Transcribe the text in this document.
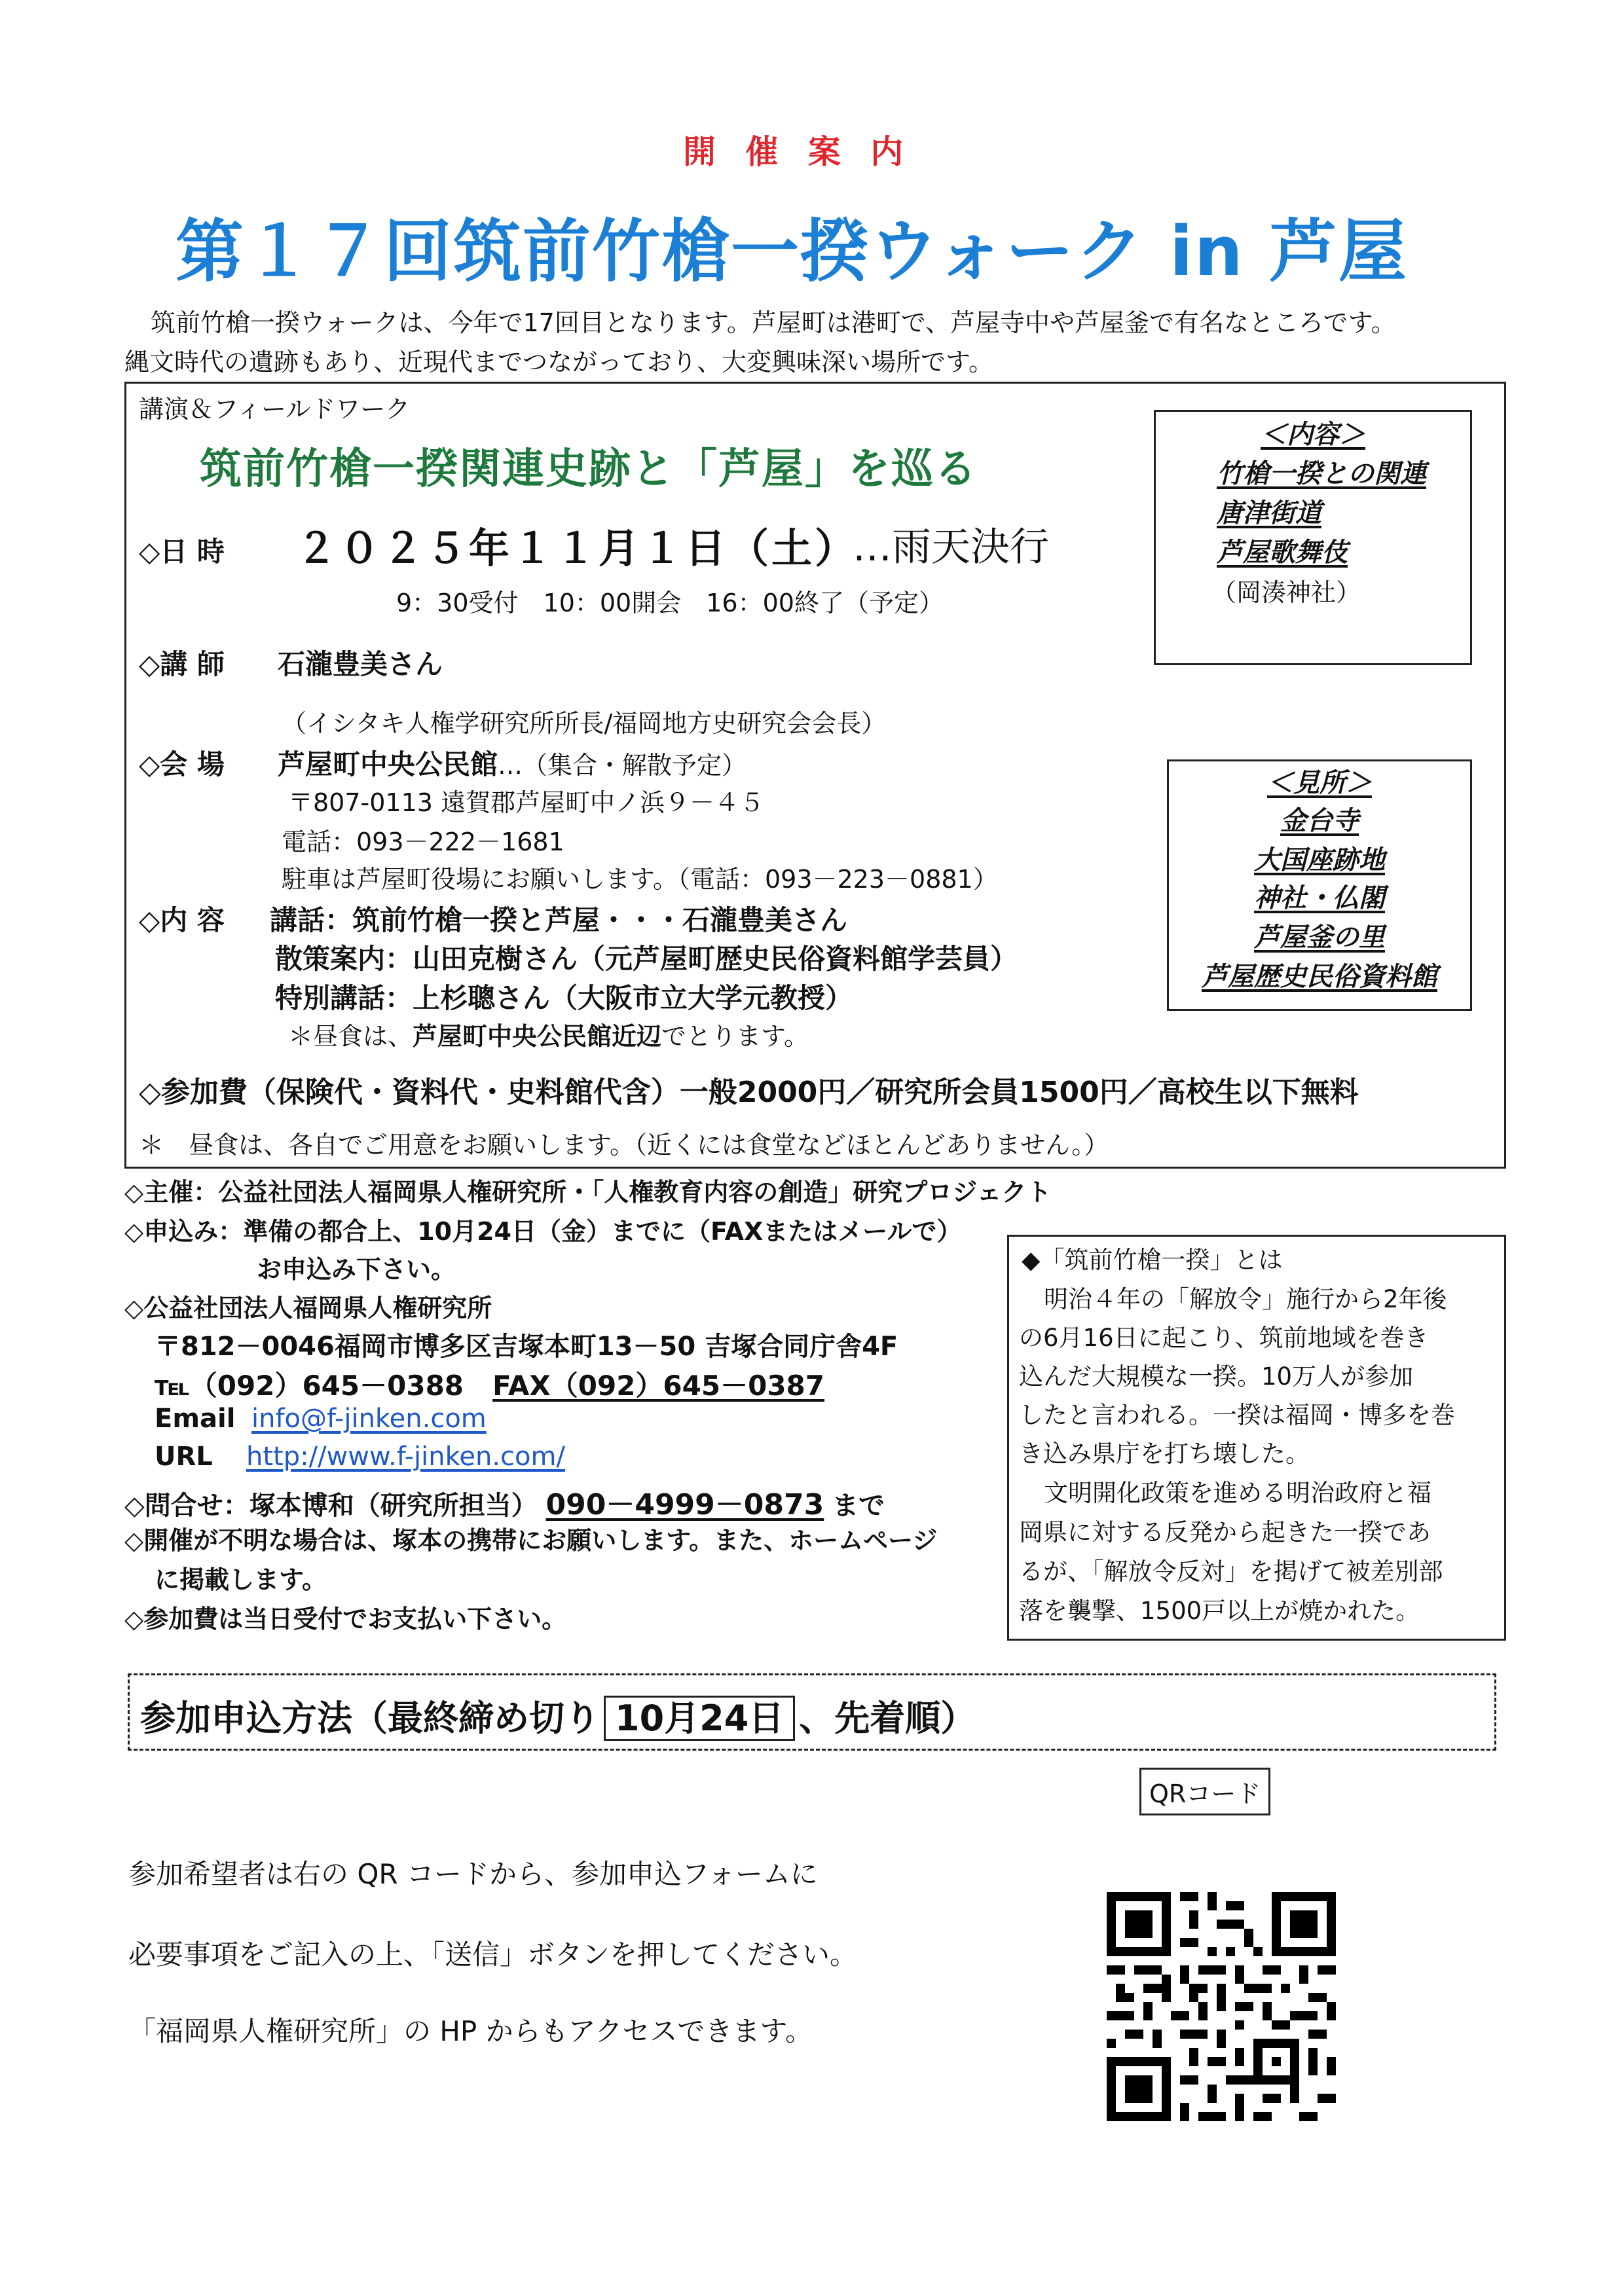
開 催 案 内
第１７回筑前竹槍一揆ウォーク in 芦屋
筑前竹槍一揆ウォークは、今年で17回目となります。芦屋町は港町で、芦屋寺中や芦屋釜で有名なところです。
縄文時代の遺跡もあり、近現代までつながっており、大変興味深い場所です。
講演＆フィールドワーク
筑前竹槍一揆関連史跡と「芦屋」を巡る
◇日 時 ２０２５年１１月１日（土）
…雨天決行
9：30受付　10：00開会　16：00終了（予定）
◇講 師 石瀧豊美さん
（イシタキ人権学研究所所長/福岡地方史研究会会長）
◇会 場 芦屋町中央公民館…（集合・解散予定）
〒807-0113 遠賀郡芦屋町中ノ浜９－４５
電話：093－222－1681
駐車は芦屋町役場にお願いします。（電話：093－223－0881）
◇内 容 講話：筑前竹槍一揆と芦屋・・・石瀧豊美さん
散策案内：山田克樹さん（元芦屋町歴史民俗資料館学芸員）
特別講話：上杉聰さん（大阪市立大学元教授）
＊昼食は、芦屋町中央公民館近辺でとります。
◇参加費（保険代・資料代・史料館代含）一般2000円／研究所会員1500円／高校生以下無料
＊　昼食は、各自でご用意をお願いします。（近くには食堂などほとんどありません。）
＜内容＞
竹槍一揆との関連
唐津街道
芦屋歌舞伎
（岡湊神社）
＜見所＞
金台寺
大国座跡地
神社・仏閣
芦屋釜の里
芦屋歴史民俗資料館
◇主催：公益社団法人福岡県人権研究所・「人権教育内容の創造」研究プロジェクト
◇申込み：準備の都合上、10月24日（金）までに（FAXまたはメールで）
お申込み下さい。
◇公益社団法人福岡県人権研究所
〒812－0046福岡市博多区吉塚本町13－50 吉塚合同庁舎4F
℡（092）645－0388 FAX（092）645－0387
Email info@f-jinken.com
URL http://www.f-jinken.com/
◇問合せ：塚本博和（研究所担当） 090－4999－0873 まで
◇開催が不明な場合は、塚本の携帯にお願いします。また、ホームページ
に掲載します。
◇参加費は当日受付でお支払い下さい。
◆「筑前竹槍一揆」とは
明治４年の「解放令」施行から2年後
の6月16日に起こり、筑前地域を巻き
込んだ大規模な一揆。10万人が参加
したと言われる。一揆は福岡・博多を巻
き込み県庁を打ち壊した。
文明開化政策を進める明治政府と福
岡県に対する反発から起きた一揆であ
るが、「解放令反対」を掲げて被差別部
落を襲撃、1500戸以上が焼かれた。
参加申込方法（最終締め切り 10月24日 、先着順）
QRコード
参加希望者は右の QR コードから、参加申込フォームに
必要事項をご記入の上、「送信」ボタンを押してください。
「福岡県人権研究所」の HP からもアクセスできます。
